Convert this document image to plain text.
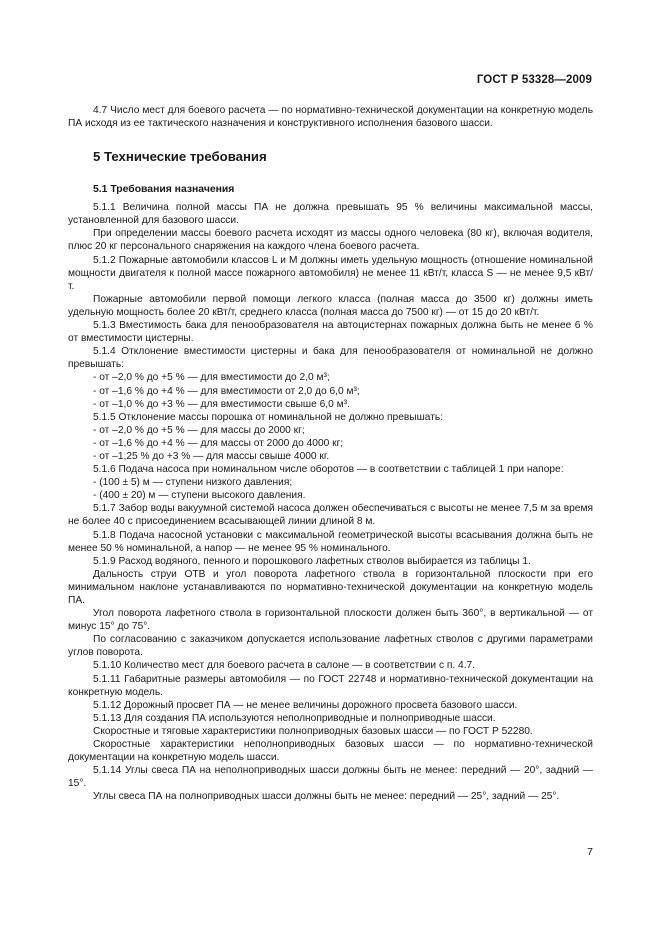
ГОСТ Р 53328—2009

4.7 Число мест для боевого расчета — по нормативно-технической документации на конкретную модель ПА исходя из ее тактического назначения и конструктивного исполнения базового шасси.

5 Технические требования
5.1 Требования назначения

5.1.1 Величина полной массы ПА не должна превышать 95 % величины максимальной массы, установленной для базового шасси.

При определении массы боевого расчета исходят из массы одного человека (80 кг), включая водителя, плюс 20 кг персонального снаряжения на каждого члена боевого расчета.

5.1.2 Пожарные автомобили классов L и M должны иметь удельную мощность (отношение номинальной мощности двигателя к полной массе пожарного автомобиля) не менее 11 кВт/т, класса S — не менее 9,5 кВт/т.

Пожарные автомобили первой помощи легкого класса (полная масса до 3500 кг) должны иметь удельную мощность более 20 кВт/т, среднего класса (полная масса до 7500 кг) — от 15 до 20 кВт/т.

5.1.3 Вместимость бака для пенообразователя на автоцистернах пожарных должна быть не менее 6 % от вместимости цистерны.

5.1.4 Отклонение вместимости цистерны и бака для пенообразователя от номинальной не должно превышать:

- от –2,0 % до +5 % — для вместимости до 2,0 м³;

- от –1,6 % до +4 % — для вместимости от 2,0 до 6,0 м³;

- от –1,0 % до +3 % — для вместимости свыше 6,0 м³.

5.1.5 Отклонение массы порошка от номинальной не должно превышать:

- от –2,0 % до +5 % — для массы до 2000 кг;

- от –1,6 % до +4 % — для массы от 2000 до 4000 кг;

- от –1,25 % до +3 % — для массы свыше 4000 кг.

5.1.6 Подача насоса при номинальном числе оборотов — в соответствии с таблицей 1 при напоре:

- (100 ± 5) м — ступени низкого давления;

- (400 ± 20) м — ступени высокого давления.

5.1.7 Забор воды вакуумной системой насоса должен обеспечиваться с высоты не менее 7,5 м за время не более 40 с присоединением всасывающей линии длиной 8 м.

5.1.8 Подача насосной установки с максимальной геометрической высоты всасывания должна быть не менее 50 % номинальной, а напор — не менее 95 % номинального.

5.1.9 Расход водяного, пенного и порошкового лафетных стволов выбирается из таблицы 1.

Дальность струи ОТВ и угол поворота лафетного ствола в горизонтальной плоскости при его минимальном наклоне устанавливаются по нормативно-технической документации на конкретную модель ПА.

Угол поворота лафетного ствола в горизонтальной плоскости должен быть 360°, в вертикальной — от минус 15° до 75°.

По согласованию с заказчиком допускается использование лафетных стволов с другими параметрами углов поворота.

5.1.10 Количество мест для боевого расчета в салоне — в соответствии с п. 4.7.

5.1.11 Габаритные размеры автомобиля — по ГОСТ 22748 и нормативно-технической документации на конкретную модель.

5.1.12 Дорожный просвет ПА — не менее величины дорожного просвета базового шасси.

5.1.13 Для создания ПА используются неполноприводные и полноприводные шасси.

Скоростные и тяговые характеристики полноприводных базовых шасси — по ГОСТ Р 52280.

Скоростные характеристики неполноприводных базовых шасси — по нормативно-технической документации на конкретную модель шасси.

5.1.14 Углы свеса ПА на неполноприводных шасси должны быть не менее: передний — 20°, задний — 15°.

Углы свеса ПА на полноприводных шасси должны быть не менее: передний — 25°, задний — 25°.

7
